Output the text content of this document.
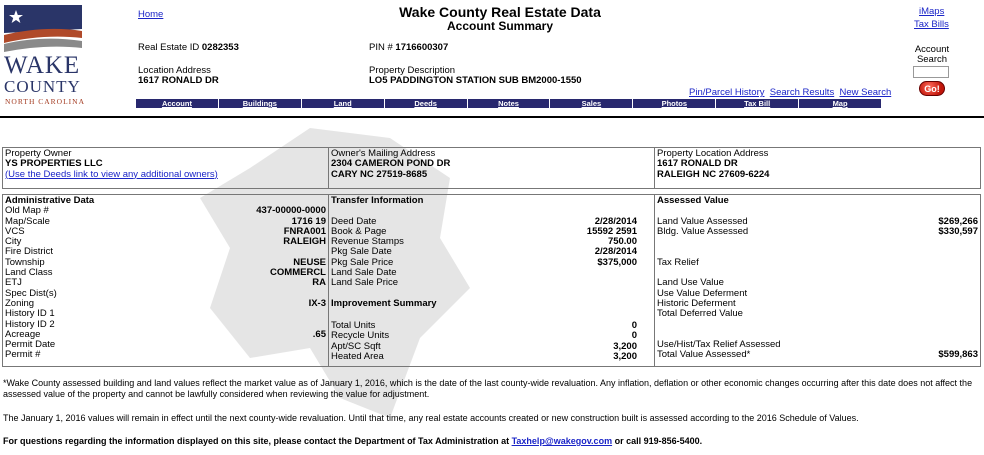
WAKE
COUNTY
NORTH CAROLINA
Home	Wake County Real Estate Data
Account Summary
iMaps
Tax Bills
Account Search
Go!
Real Estate ID 0282353	PIN # 1716600307
Location Address
1617 RONALD DR
Property Description
LO5 PADDINGTON STATION SUB BM2000-1550
Pin/Parcel History Search Results New Search
Account	Buildings	Land	Deeds	Notes	Sales	Photos	Tax Bill	Map
Property Owner
YS PROPERTIES LLC
(Use the Deeds link to view any additional owners)

Owner's Mailing Address
2304 CAMERON POND DR
CARY NC 27519-8685

Property Location Address
1617 RONALD DR
RALEIGH NC 27609-6224
Administrative Data
Old Map #	437-00000-0000
Map/Scale	1716 19
VCS	FNRA001
City	RALEIGH
Fire District
Township	NEUSE
Land Class	COMMERCL
ETJ	RA
Spec Dist(s)
Zoning	IX-3
History ID 1
History ID 2
Acreage	.65
Permit Date
Permit #

Transfer Information
Deed Date	2/28/2014
Book & Page	15592 2591
Revenue Stamps	750.00
Pkg Sale Date	2/28/2014
Pkg Sale Price	$375,000
Land Sale Date
Land Sale Price
Improvement Summary
Total Units	0
Recycle Units	0
Apt/SC Sqft	3,200
Heated Area	3,200

Assessed Value
Land Value Assessed	$269,266
Bldg. Value Assessed	$330,597
Tax Relief
Land Use Value
Use Value Deferment
Historic Deferment
Total Deferred Value
Use/Hist/Tax Relief Assessed
Total Value Assessed*	$599,863
*Wake County assessed building and land values reflect the market value as of January 1, 2016, which is the date of the last county-wide revaluation. Any inflation, deflation or other economic changes occurring after this date does not affect the assessed value of the property and cannot be lawfully considered when reviewing the value for adjustment.
The January 1, 2016 values will remain in effect until the next county-wide revaluation. Until that time, any real estate accounts created or new construction built is assessed according to the 2016 Schedule of Values.
For questions regarding the information displayed on this site, please contact the Department of Tax Administration at Taxhelp@wakegov.com or call 919-856-5400.
